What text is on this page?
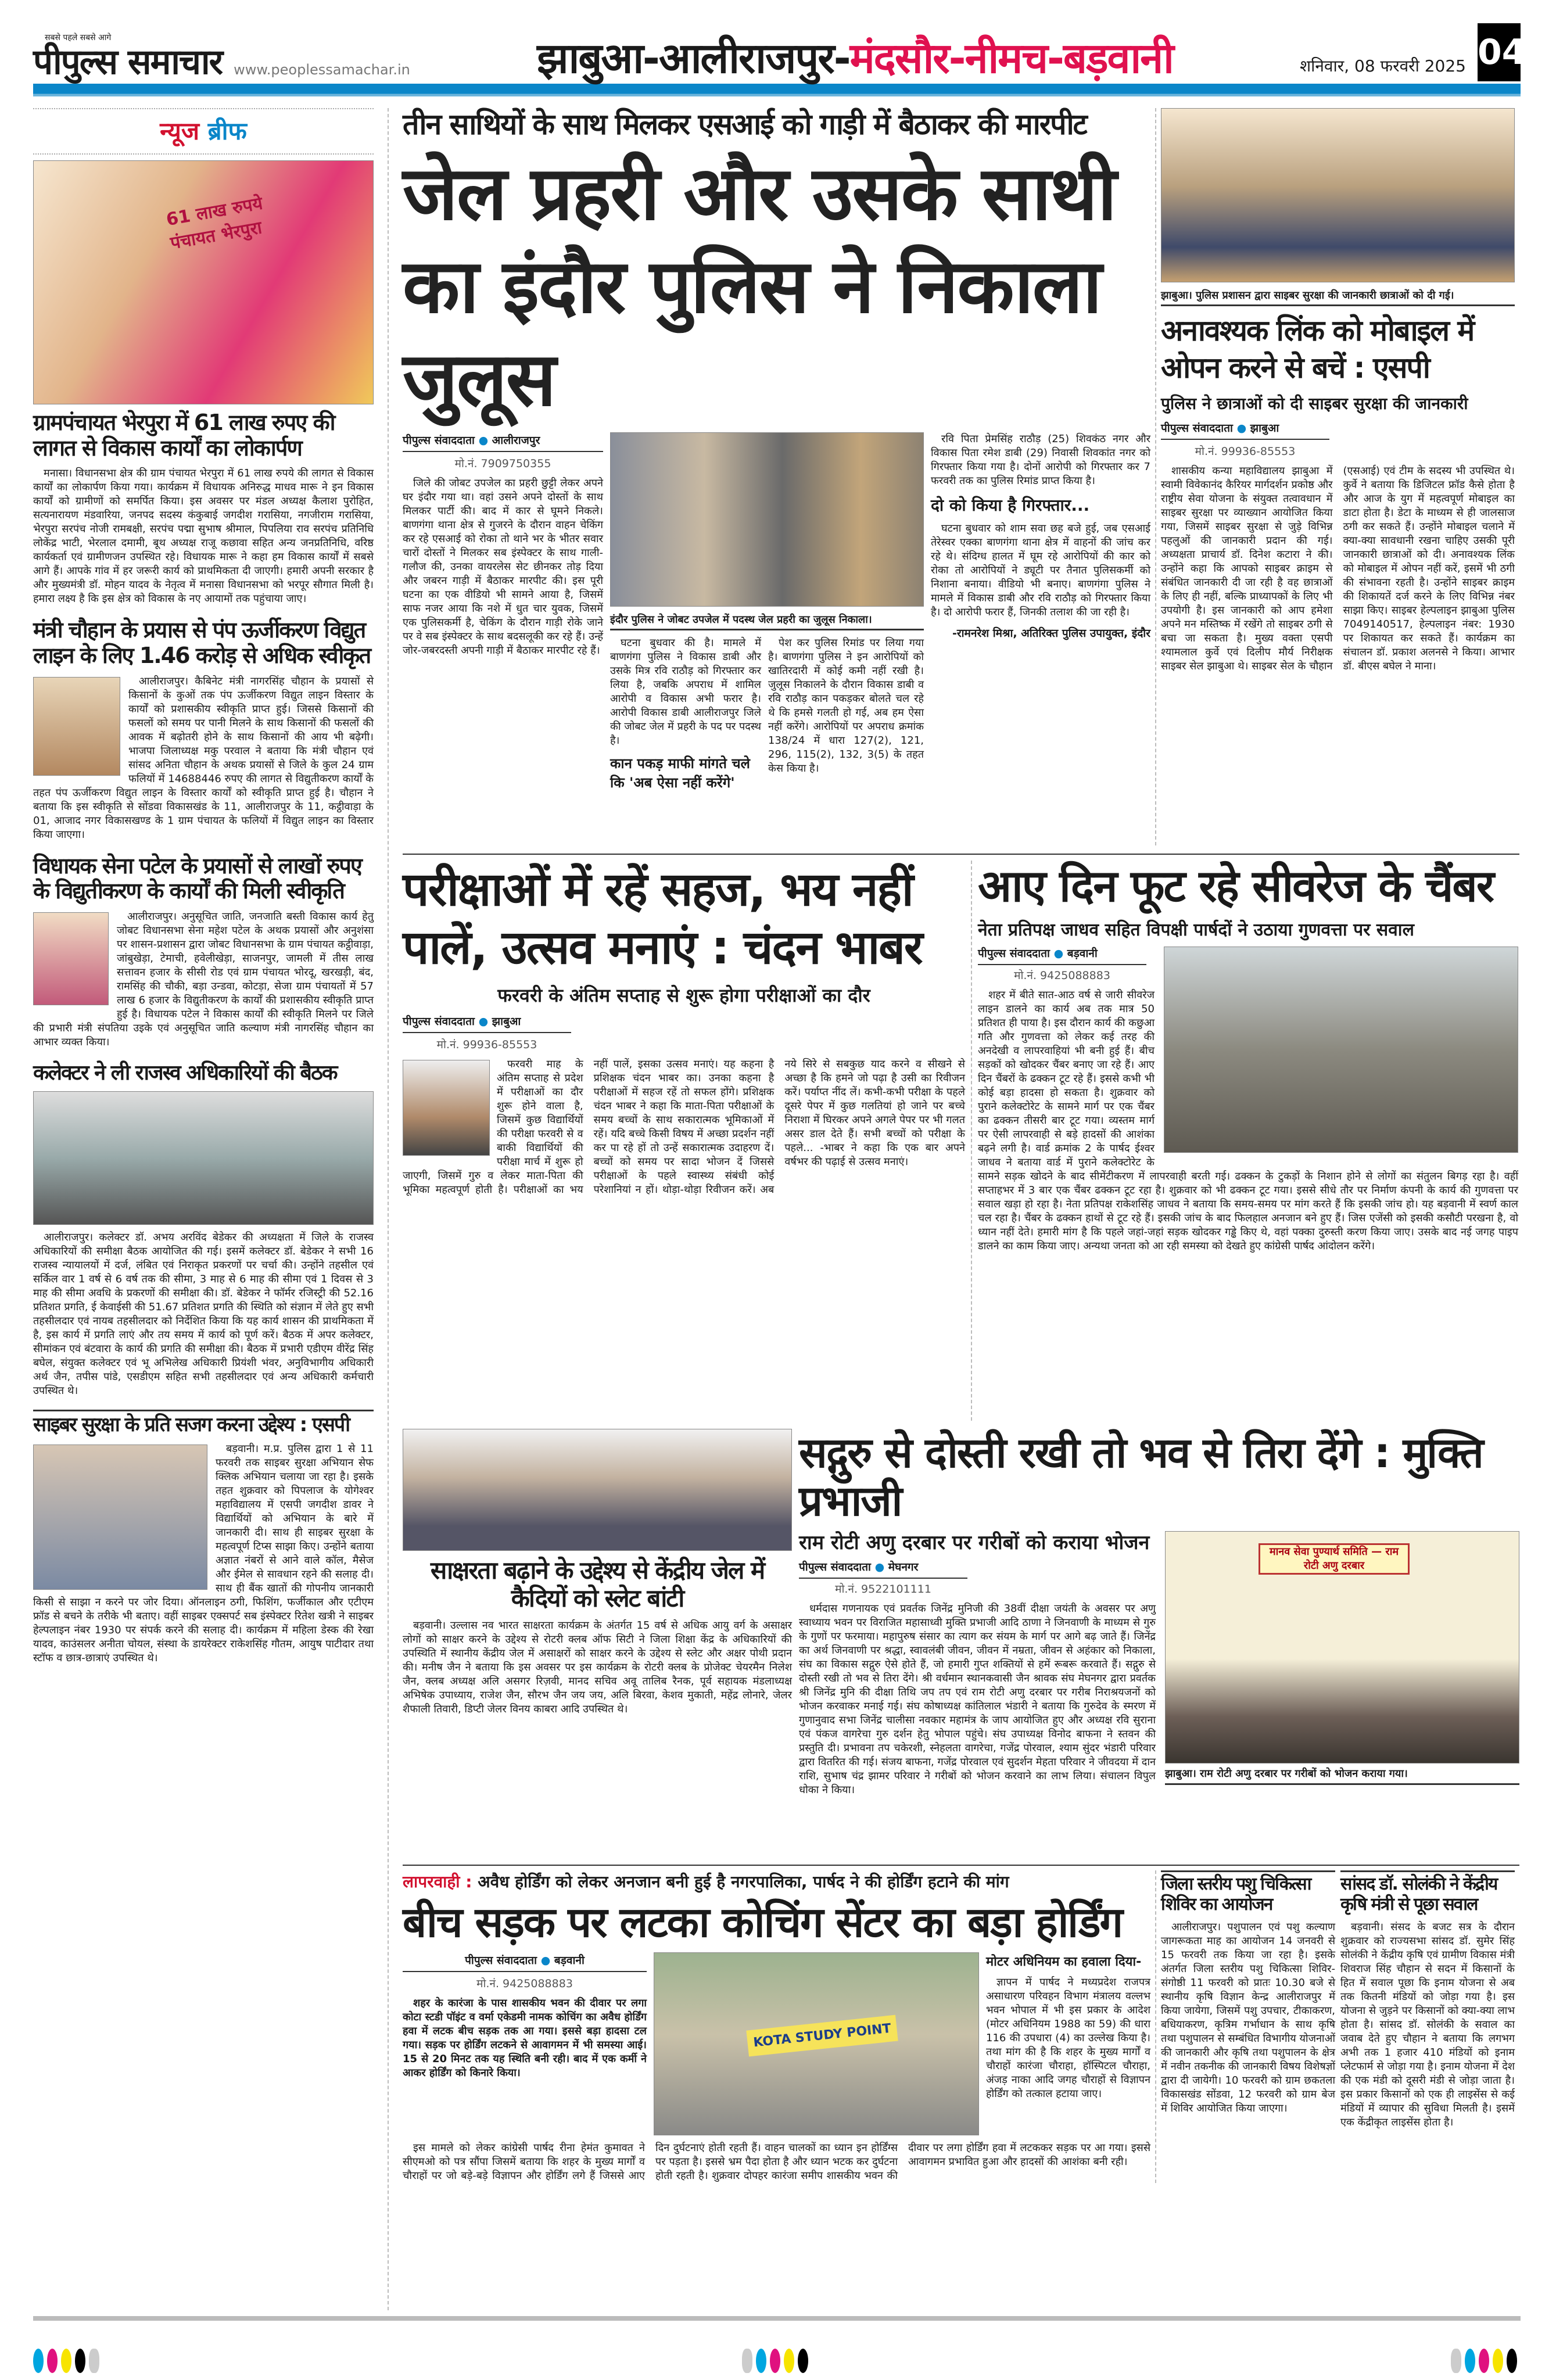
सबसे पहले सबसे आगे
पीपुल्स समाचार www.peoplessamachar.in	झाबुआ-आलीराजपुर-मंदसौर-नीमच-बड़वानी	शनिवार, 08 फरवरी 2025 04
न्यूज ब्रीफ
61 लाख रुपये पंचायत भेरपुरा
ग्रामपंचायत भेरपुरा में 61 लाख रुपए की लागत से विकास कार्यों का लोकार्पण

मनासा। विधानसभा क्षेत्र की ग्राम पंचायत भेरपुरा में 61 लाख रुपये की लागत से विकास कार्यों का लोकार्पण किया गया। कार्यक्रम में विधायक अनिरुद्ध माधव मारू ने इन विकास कार्यों को ग्रामीणों को समर्पित किया। इस अवसर पर मंडल अध्यक्ष कैलाश पुरोहित, सत्यनारायण मंडवारिया, जनपद सदस्य कंकुबाई जगदीश गरासिया, नगजीराम गरासिया, भेरपुरा सरपंच नोजी रामबक्षी, सरपंच पद्मा सुभाष श्रीमाल, पिपलिया राव सरपंच प्रतिनिधि लोकेंद्र भाटी, भेरलाल दमामी, बूथ अध्यक्ष राजू कछावा सहित अन्य जनप्रतिनिधि, वरिष्ठ कार्यकर्ता एवं ग्रामीणजन उपस्थित रहे। विधायक मारू ने कहा हम विकास कार्यों में सबसे आगे हैं। आपके गांव में हर जरूरी कार्य को प्राथमिकता दी जाएगी। हमारी अपनी सरकार है और मुख्यमंत्री डॉ. मोहन यादव के नेतृत्व में मनासा विधानसभा को भरपूर सौगात मिली है। हमारा लक्ष्य है कि इस क्षेत्र को विकास के नए आयामों तक पहुंचाया जाए।

मंत्री चौहान के प्रयास से पंप ऊर्जीकरण विद्युत लाइन के लिए 1.46 करोड़ से अधिक स्वीकृत

आलीराजपुर। कैबिनेट मंत्री नागरसिंह चौहान के प्रयासों से किसानों के कुओं तक पंप ऊर्जीकरण विद्युत लाइन विस्तार के कार्यों को प्रशासकीय स्वीकृति प्राप्त हुई। जिससे किसानों की फसलों को समय पर पानी मिलने के साथ किसानों की फसलों की आवक में बढ़ोतरी होने के साथ किसानों की आय भी बढ़ेगी। भाजपा जिलाध्यक्ष मकु परवाल ने बताया कि मंत्री चौहान एवं सांसद अनिता चौहान के अथक प्रयासों से जिले के कुल 24 ग्राम फलियों में 14688446 रुपए की लागत से विद्युतीकरण कार्यों के तहत पंप ऊर्जीकरण विद्युत लाइन के विस्तार कार्यों को स्वीकृति प्राप्त हुई है। चौहान ने बताया कि इस स्वीकृति से सोंडवा विकासखंड के 11, आलीराजपुर के 11, कट्ठीवाड़ा के 01, आजाद नगर विकासखण्ड के 1 ग्राम पंचायत के फलियों में विद्युत लाइन का विस्तार किया जाएगा।

विधायक सेना पटेल के प्रयासों से लाखों रुपए के विद्युतीकरण के कार्यों की मिली स्वीकृति

आलीराजपुर। अनुसूचित जाति, जनजाति बस्ती विकास कार्य हेतु जोबट विधानसभा सेना महेश पटेल के अथक प्रयासों और अनुशंसा पर शासन-प्रशासन द्वारा जोबट विधानसभा के ग्राम पंचायत कट्ठीवाड़ा, जांबुखेड़ा, टेमाची, हवेलीखेड़ा, साजनपुर, जामली में तीस लाख सत्तावन हजार के सीसी रोड एवं ग्राम पंचायत भोरदू, खरखड़ी, बंद, रामसिंह की चौकी, बड़ा उन्डवा, कोटड़ा, सेजा ग्राम पंचायतों में 57 लाख 6 हजार के विद्युतीकरण के कार्यों की प्रशासकीय स्वीकृति प्राप्त हुई है। विधायक पटेल ने विकास कार्यों की स्वीकृति मिलने पर जिले की प्रभारी मंत्री संपतिया उइके एवं अनुसूचित जाति कल्याण मंत्री नागरसिंह चौहान का आभार व्यक्त किया।

कलेक्टर ने ली राजस्व अधिकारियों की बैठक

आलीराजपुर। कलेक्टर डॉ. अभय अरविंद बेडेकर की अध्यक्षता में जिले के राजस्व अधिकारियों की समीक्षा बैठक आयोजित की गई। इसमें कलेक्टर डॉ. बेडेकर ने सभी 16 राजस्व न्यायालयों में दर्ज, लंबित एवं निराकृत प्रकरणों पर चर्चा की। उन्होंने तहसील एवं सर्किल वार 1 वर्ष से 6 वर्ष तक की सीमा, 3 माह से 6 माह की सीमा एवं 1 दिवस से 3 माह की सीमा अवधि के प्रकरणों की समीक्षा की। डॉ. बेडेकर ने फॉर्मर रजिस्ट्री की 52.16 प्रतिशत प्रगति, ई केवाईसी की 51.67 प्रतिशत प्रगति की स्थिति को संज्ञान में लेते हुए सभी तहसीलदार एवं नायब तहसीलदार को निर्देशित किया कि यह कार्य शासन की प्राथमिकता में है, इस कार्य में प्रगति लाएं और तय समय में कार्य को पूर्ण करें। बैठक में अपर कलेक्टर, सीमांकन एवं बंटवारा के कार्य की प्रगति की समीक्षा की। बैठक में प्रभारी एडीएम वीरेंद्र सिंह बघेल, संयुक्त कलेक्टर एवं भू अभिलेख अधिकारी प्रियंशी भंवर, अनुविभागीय अधिकारी अर्थ जैन, तपीस पांडे, एसडीएम सहित सभी तहसीलदार एवं अन्य अधिकारी कर्मचारी उपस्थित थे।

साइबर सुरक्षा के प्रति सजग करना उद्देश्य : एसपी

बड़वानी। म.प्र. पुलिस द्वारा 1 से 11 फरवरी तक साइबर सुरक्षा अभियान सेफ क्लिक अभियान चलाया जा रहा है। इसके तहत शुक्रवार को पिपलाज के योगेश्वर महाविद्यालय में एसपी जगदीश डावर ने विद्यार्थियों को अभियान के बारे में जानकारी दी। साथ ही साइबर सुरक्षा के महत्वपूर्ण टिप्स साझा किए। उन्होंने बताया अज्ञात नंबरों से आने वाले कॉल, मैसेज और ईमेल से सावधान रहने की सलाह दी। साथ ही बैंक खातों की गोपनीय जानकारी किसी से साझा न करने पर जोर दिया। ऑनलाइन ठगी, फिशिंग, फर्जीकाल और एटीएम फ्रॉड से बचने के तरीके भी बताए। वहीं साइबर एक्सपर्ट सब इंस्पेक्टर रितेश खत्री ने साइबर हेल्पलाइन नंबर 1930 पर संपर्क करने की सलाह दी। कार्यक्रम में महिला डेस्क की रेखा यादव, काउंसलर अनीता चोयल, संस्था के डायरेक्टर राकेशसिंह गौतम, आयुष पाटीदार तथा स्टॉफ व छात्र-छात्राएं उपस्थित थे।

तीन साथियों के साथ मिलकर एसआई को गाड़ी में बैठाकर की मारपीट
जेल प्रहरी और उसके साथी का इंदौर पुलिस ने निकाला जुलूस
पीपुल्स संवाददाता ● आलीराजपुर
मो.नं. 7909750355

जिले की जोबट उपजेल का प्रहरी छुट्टी लेकर अपने घर इंदौर गया था। वहां उसने अपने दोस्तों के साथ मिलकर पार्टी की। बाद में कार से घूमने निकले। बाणगंगा थाना क्षेत्र से गुजरने के दौरान वाहन चेकिंग कर रहे एसआई को रोका तो थाने भर के भीतर सवार चारों दोस्तों ने मिलकर सब इंस्पेक्टर के साथ गाली-गलौज की, उनका वायरलेस सेट छीनकर तोड़ दिया और जबरन गाड़ी में बैठाकर मारपीट की। इस पूरी घटना का एक वीडियो भी सामने आया है, जिसमें साफ नजर आया कि नशे में धुत चार युवक, जिसमें एक पुलिसकर्मी है, चेकिंग के दौरान गाड़ी रोके जाने पर वे सब इंस्पेक्टर के साथ बदसलूकी कर रहे हैं। उन्हें जोर-जबरदस्ती अपनी गाड़ी में बैठाकर मारपीट रहे हैं।

इंदौर पुलिस ने जोबट उपजेल में पदस्थ जेल प्रहरी का जुलूस निकाला।

घटना बुधवार की है। मामले में बाणगंगा पुलिस ने विकास डाबी और उसके मित्र रवि राठौड़ को गिरफ्तार कर लिया है, जबकि अपराध में शामिल आरोपी व विकास अभी फरार है। आरोपी विकास डाबी आलीराजपुर जिले की जोबट जेल में प्रहरी के पद पर पदस्थ है।

कान पकड़ माफी मांगते चले कि 'अब ऐसा नहीं करेंगे'

पेश कर पुलिस रिमांड पर लिया गया है। बाणगंगा पुलिस ने इन आरोपियों को खातिरदारी में कोई कमी नहीं रखी है। जुलूस निकालने के दौरान विकास डाबी व रवि राठौड़ कान पकड़कर बोलते चल रहे थे कि हमसे गलती हो गई, अब हम ऐसा नहीं करेंगे। आरोपियों पर अपराध क्रमांक 138/24 में धारा 127(2), 121, 296, 115(2), 132, 3(5) के तहत केस किया है।

रवि पिता प्रेमसिंह राठौड़ (25) शिवकंठ नगर और विकास पिता रमेश डाबी (29) निवासी शिवकांत नगर को गिरफ्तार किया गया है। दोनों आरोपी को गिरफ्तार कर 7 फरवरी तक का पुलिस रिमांड प्राप्त किया है।

दो को किया है गिरफ्तार...

घटना बुधवार को शाम सवा छह बजे हुई, जब एसआई तेरेस्वर एक्का बाणगंगा थाना क्षेत्र में वाहनों की जांच कर रहे थे। संदिग्ध हालत में घूम रहे आरोपियों की कार को रोका तो आरोपियों ने ड्यूटी पर तैनात पुलिसकर्मी को निशाना बनाया। वीडियो भी बनाए। बाणगंगा पुलिस ने मामले में विकास डाबी और रवि राठौड़ को गिरफ्तार किया है। दो आरोपी फरार हैं, जिनकी तलाश की जा रही है।

-रामनरेश मिश्रा, अतिरिक्त पुलिस उपायुक्त, इंदौर
झाबुआ। पुलिस प्रशासन द्वारा साइबर सुरक्षा की जानकारी छात्राओं को दी गई।
अनावश्यक लिंक को मोबाइल में ओपन करने से बचें : एसपी
पुलिस ने छात्राओं को दी साइबर सुरक्षा की जानकारी
पीपुल्स संवाददाता ● झाबुआ
मो.नं. 99936-85553

शासकीय कन्या महाविद्यालय झाबुआ में स्वामी विवेकानंद कैरियर मार्गदर्शन प्रकोष्ठ और राष्ट्रीय सेवा योजना के संयुक्त तत्वावधान में साइबर सुरक्षा पर व्याख्यान आयोजित किया गया, जिसमें साइबर सुरक्षा से जुड़े विभिन्न पहलुओं की जानकारी प्रदान की गई। अध्यक्षता प्राचार्य डॉ. दिनेश कटारा ने की। उन्होंने कहा कि आपको साइबर क्राइम से संबंधित जानकारी दी जा रही है वह छात्राओं के लिए ही नहीं, बल्कि प्राध्यापकों के लिए भी उपयोगी है। इस जानकारी को आप हमेशा अपने मन मस्तिष्क में रखेंगे तो साइबर ठगी से बचा जा सकता है। मुख्य वक्ता एसपी श्यामलाल कुर्वे एवं दिलीप मौर्य निरीक्षक साइबर सेल झाबुआ थे। साइबर सेल के चौहान (एसआई) एवं टीम के सदस्य भी उपस्थित थे। कुर्वे ने बताया कि डिजिटल फ्रॉड कैसे होता है और आज के युग में महत्वपूर्ण मोबाइल का डाटा होता है। डेटा के माध्यम से ही जालसाज ठगी कर सकते हैं। उन्होंने मोबाइल चलाने में क्या-क्या सावधानी रखना चाहिए उसकी पूरी जानकारी छात्राओं को दी। अनावश्यक लिंक को मोबाइल में ओपन नहीं करें, इसमें भी ठगी की संभावना रहती है। उन्होंने साइबर क्राइम की शिकायतें दर्ज करने के लिए विभिन्न नंबर साझा किए। साइबर हेल्पलाइन झाबुआ पुलिस 7049140517, हेल्पलाइन नंबर: 1930 पर शिकायत कर सकते हैं। कार्यक्रम का संचालन डॉ. प्रकाश अलनसे ने किया। आभार डॉ. बीएस बघेल ने माना।

परीक्षाओं में रहें सहज, भय नहीं पालें, उत्सव मनाएं : चंदन भाबर
फरवरी के अंतिम सप्ताह से शुरू होगा परीक्षाओं का दौर
पीपुल्स संवाददाता ● झाबुआ
मो.नं. 99936-85553

फरवरी माह के अंतिम सप्ताह से प्रदेश में परीक्षाओं का दौर शुरू होने वाला है, जिसमें कुछ विद्यार्थियों की परीक्षा फरवरी से व बाकी विद्यार्थियों की परीक्षा मार्च में शुरू हो जाएगी, जिसमें गुरु व लेकर माता-पिता की भूमिका महत्वपूर्ण होती है। परीक्षाओं का भय नहीं पालें, इसका उत्सव मनाएं। यह कहना है प्रशिक्षक चंदन भाबर का। उनका कहना है परीक्षाओं में सहज रहें तो सफल होंगे। प्रशिक्षक चंदन भाबर ने कहा कि माता-पिता परीक्षाओं के समय बच्चों के साथ सकारात्मक भूमिकाओं में रहें। यदि बच्चे किसी विषय में अच्छा प्रदर्शन नहीं कर पा रहे हों तो उन्हें सकारात्मक उदाहरण दें। बच्चों को समय पर सादा भोजन दें जिससे परीक्षाओं के पहले स्वास्थ्य संबंधी कोई परेशानियां न हों। थोड़ा-थोड़ा रिवीजन करें। अब नये सिरे से सबकुछ याद करने व सीखने से अच्छा है कि हमने जो पढ़ा है उसी का रिवीजन करें। पर्याप्त नींद लें। कभी-कभी परीक्षा के पहले दूसरे पेपर में कुछ गलतियां हो जाने पर बच्चे निराशा में घिरकर अपने अगले पेपर पर भी गलत असर डाल देते हैं। सभी बच्चों को परीक्षा के पहले... -भाबर ने कहा कि एक बार अपने वर्षभर की पढ़ाई से उत्सव मनाएं।

आए दिन फूट रहे सीवरेज के चैंबर
नेता प्रतिपक्ष जाधव सहित विपक्षी पार्षदों ने उठाया गुणवत्ता पर सवाल
पीपुल्स संवाददाता ● बड़वानी
मो.नं. 9425088883

शहर में बीते सात-आठ वर्ष से जारी सीवरेज लाइन डालने का कार्य अब तक मात्र 50 प्रतिशत ही पाया है। इस दौरान कार्य की कछुआ गति और गुणवत्ता को लेकर कई तरह की अनदेखी व लापरवाहियां भी बनी हुई हैं। बीच सड़कों को खोदकर चैंबर बनाए जा रहे हैं। आए दिन चैंबरों के ढक्कन टूट रहे हैं। इससे कभी भी कोई बड़ा हादसा हो सकता है। शुक्रवार को पुराने कलेक्टोरेट के सामने मार्ग पर एक चैंबर का ढक्कन तीसरी बार टूट गया। व्यस्तम मार्ग पर ऐसी लापरवाही से बड़े हादसों की आशंका बढ़ने लगी है। वार्ड क्रमांक 2 के पार्षद ईश्वर जाधव ने बताया वार्ड में पुराने कलेक्टोरेट के सामने सड़क खोदने के बाद सीमेंटीकरण में लापरवाही बरती गई। ढक्कन के टुकड़ों के निशान होने से लोगों का संतुलन बिगड़ रहा है। वहीं सप्ताहभर में 3 बार एक चैंबर ढक्कन टूट रहा है। शुक्रवार को भी ढक्कन टूट गया। इससे सीधे तौर पर निर्माण कंपनी के कार्य की गुणवत्ता पर सवाल खड़ा हो रहा है। नेता प्रतिपक्ष राकेशसिंह जाधव ने बताया कि समय-समय पर मांग करते हैं कि इसकी जांच हो। यह बड़वानी में स्वर्ण काल चल रहा है। चैंबर के ढक्कन हाथों से टूट रहे हैं। इसकी जांच के बाद फिलहाल अनजान बने हुए हैं। जिस एजेंसी को इसकी कसौटी परखना है, वो ध्यान नहीं देते। हमारी मांग है कि पहले जहां-जहां सड़क खोदकर गड्ढे किए थे, वहां पक्का दुरुस्ती करण किया जाए। उसके बाद नई जगह पाइप डालने का काम किया जाए। अन्यथा जनता को आ रही समस्या को देखते हुए कांग्रेसी पार्षद आंदोलन करेंगे।

साक्षरता बढ़ाने के उद्देश्य से केंद्रीय जेल में कैदियों को स्लेट बांटी

बड़वानी। उल्लास नव भारत साक्षरता कार्यक्रम के अंतर्गत 15 वर्ष से अधिक आयु वर्ग के असाक्षर लोगों को साक्षर करने के उद्देश्य से रोटरी क्लब ऑफ सिटी ने जिला शिक्षा केंद्र के अधिकारियों की उपस्थिति में स्थानीय केंद्रीय जेल में असाक्षरों को साक्षर करने के उद्देश्य से स्लेट और अक्षर पोथी प्रदान की। मनीष जैन ने बताया कि इस अवसर पर इस कार्यक्रम के रोटरी क्लब के प्रोजेक्ट चेयरमैन निलेश जैन, क्लब अध्यक्ष अलि असगर रिज़वी, मानद सचिव अवू तालिब रैनक, पूर्व सहायक मंडलाध्यक्ष अभिषेक उपाध्याय, राजेश जैन, सौरभ जैन जय जय, अलि बिरवा, केशव मुकाती, महेंद्र लोनारे, जेलर शैफाली तिवारी, डिप्टी जेलर विनय काबरा आदि उपस्थित थे।

सद्गुरु से दोस्ती रखी तो भव से तिरा देंगे : मुक्ति प्रभाजी
मानव सेवा पुण्यार्थ समिति — राम रोटी अणु दरबार
झाबुआ। राम रोटी अणु दरबार पर गरीबों को भोजन कराया गया।
राम रोटी अणु दरबार पर गरीबों को कराया भोजन
पीपुल्स संवाददाता ● मेघनगर
मो.नं. 9522101111

धर्मदास गणनायक एवं प्रवर्तक जिनेंद्र मुनिजी की 38वीं दीक्षा जयंती के अवसर पर अणु स्वाध्याय भवन पर विराजित महासाध्वी मुक्ति प्रभाजी आदि ठाणा ने जिनवाणी के माध्यम से गुरु के गुणों पर फरमाया। महापुरुष संसार का त्याग कर संयम के मार्ग पर आगे बढ़ जाते हैं। जिनेंद्र का अर्थ जिनवाणी पर श्रद्धा, स्वावलंबी जीवन, जीवन में नम्रता, जीवन से अहंकार को निकाला, संघ का विकास सद्गुरु ऐसे होते हैं, जो हमारी गुप्त शक्तियों से हमें रूबरू करवाते हैं। सद्गुरु से दोस्ती रखी तो भव से तिरा देंगे। श्री वर्धमान स्थानकवासी जैन श्रावक संघ मेघनगर द्वारा प्रवर्तक श्री जिनेंद्र मुनि की दीक्षा तिथि जप तप एवं राम रोटी अणु दरबार पर गरीब निराश्रयजनों को भोजन करवाकर मनाई गई। संघ कोषाध्यक्ष कांतिलाल भंडारी ने बताया कि गुरुदेव के स्मरण में गुणानुवाद सभा जिनेंद्र चालीसा नवकार महामंत्र के जाप आयोजित हुए और अध्यक्ष रवि सुराना एवं पंकज वागरेचा गुरु दर्शन हेतु भोपाल पहुंचे। संघ उपाध्यक्ष विनोद बाफना ने स्तवन की प्रस्तुति दी। प्रभावना तप चकेरशी, स्नेहलता वागरेचा, गजेंद्र पोरवाल, श्याम सुंदर भंडारी परिवार द्वारा वितरित की गई। संजय बाफना, गजेंद्र पोरवाल एवं सुदर्शन मेहता परिवार ने जीवदया में दान राशि, सुभाष चंद्र झामर परिवार ने गरीबों को भोजन करवाने का लाभ लिया। संचालन विपुल धोका ने किया।

लापरवाही : अवैध होर्डिंग को लेकर अनजान बनी हुई है नगरपालिका, पार्षद ने की होर्डिंग हटाने की मांग
बीच सड़क पर लटका कोचिंग सेंटर का बड़ा होर्डिंग
पीपुल्स संवाददाता ● बड़वानी
मो.नं. 9425088883

शहर के कारंजा के पास शासकीय भवन की दीवार पर लगा कोटा स्टडी पॉइंट व वर्मा एकेडमी नामक कोचिंग का अवैध होर्डिंग हवा में लटक बीच सड़क तक आ गया। इससे बड़ा हादसा टल गया। सड़क पर होर्डिंग लटकने से आवागमन में भी समस्या आई। 15 से 20 मिनट तक यह स्थिति बनी रही। बाद में एक कर्मी ने आकर होर्डिंग को किनारे किया।

KOTA STUDY POINT
मोटर अधिनियम का हवाला दिया-

ज्ञापन में पार्षद ने मध्यप्रदेश राजपत्र असाधारण परिवहन विभाग मंत्रालय वल्लभ भवन भोपाल में भी इस प्रकार के आदेश (मोटर अधिनियम 1988 का 59) की धारा 116 की उपधारा (4) का उल्लेख किया है। तथा मांग की है कि शहर के मुख्य मार्गों व चौराहों कारंजा चौराहा, हॉस्पिटल चौराहा, अंजड़ नाका आदि जगह चौराहों से विज्ञापन होर्डिंग को तत्काल हटाया जाए।

इस मामले को लेकर कांग्रेसी पार्षद रीना हेमंत कुमावत ने सीएमओ को पत्र सौंपा जिसमें बताया कि शहर के मुख्य मार्गों व चौराहों पर जो बड़े-बड़े विज्ञापन और होर्डिंग लगे हैं जिससे आए दिन दुर्घटनाएं होती रहती हैं। वाहन चालकों का ध्यान इन होर्डिंग्स पर पड़ता है। इससे भ्रम पैदा होता है और ध्यान भटक कर दुर्घटना होती रहती है। शुक्रवार दोपहर कारंजा समीप शासकीय भवन की दीवार पर लगा होर्डिंग हवा में लटककर सड़क पर आ गया। इससे आवागमन प्रभावित हुआ और हादसों की आशंका बनी रही।

जिला स्तरीय पशु चिकित्सा शिविर का आयोजन

आलीराजपुर। पशुपालन एवं पशु कल्याण जागरूकता माह का आयोजन 14 जनवरी से 15 फरवरी तक किया जा रहा है। इसके अंतर्गत जिला स्तरीय पशु चिकित्सा शिविर-संगोष्ठी 11 फरवरी को प्रातः 10.30 बजे से स्थानीय कृषि विज्ञान केन्द्र आलीराजपुर में किया जायेगा, जिसमें पशु उपचार, टीकाकरण, बधियाकरण, कृत्रिम गर्भाधान के साथ कृषि तथा पशुपालन से सम्बंधित विभागीय योजनाओं की जानकारी और कृषि तथा पशुपालन के क्षेत्र में नवीन तकनीक की जानकारी विषय विशेषज्ञों द्वारा दी जायेगी। 10 फरवरी को ग्राम छकतला विकासखंड सोंडवा, 12 फरवरी को ग्राम बेज में शिविर आयोजित किया जाएगा।

सांसद डॉ. सोलंकी ने केंद्रीय कृषि मंत्री से पूछा सवाल

बड़वानी। संसद के बजट सत्र के दौरान शुक्रवार को राज्यसभा सांसद डॉ. सुमेर सिंह सोलंकी ने केंद्रीय कृषि एवं ग्रामीण विकास मंत्री शिवराज सिंह चौहान से सदन में किसानों के हित में सवाल पूछा कि इनाम योजना से अब तक कितनी मंडियों को जोड़ा गया है। इस योजना से जुड़ने पर किसानों को क्या-क्या लाभ होता है। सांसद डॉ. सोलंकी के सवाल का जवाब देते हुए चौहान ने बताया कि लगभग अभी तक 1 हजार 410 मंडियों को इनाम प्लेटफार्म से जोड़ा गया है। इनाम योजना में देश की एक मंडी को दूसरी मंडी से जोड़ा जाता है। इस प्रकार किसानों को एक ही लाइसेंस से कई मंडियों में व्यापार की सुविधा मिलती है। इसमें एक केंद्रीकृत लाइसेंस होता है।
